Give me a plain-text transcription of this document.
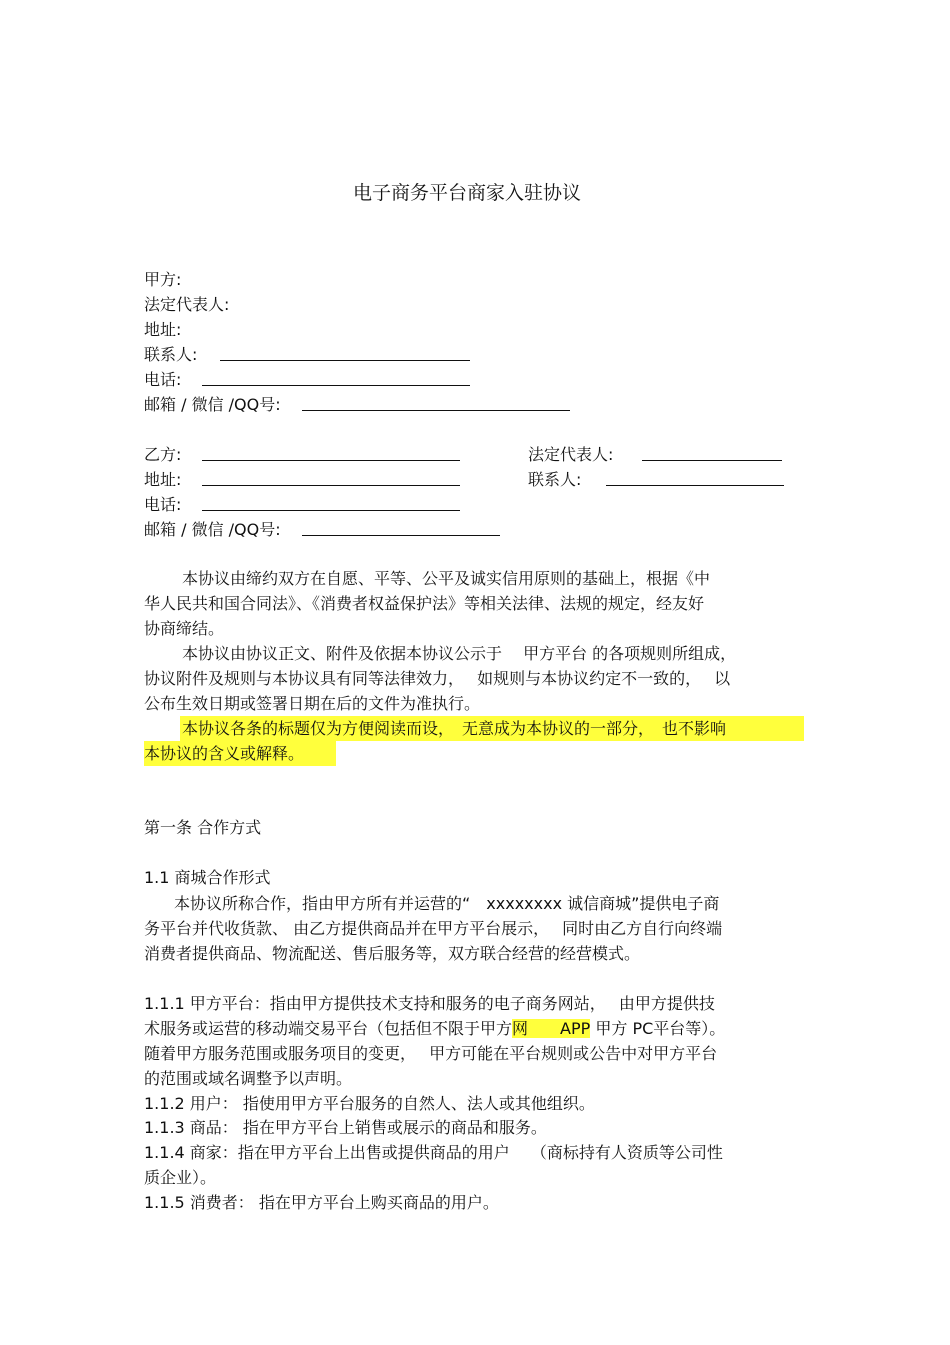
电子商务平台商家入驻协议
甲方:
法定代表人:
地址:
联系人:
电话:
邮箱 / 微信 /QQ号:
乙方:	法定代表人:
地址:	联系人:
电话:
邮箱 / 微信 /QQ号:
本协议由缔约双方在自愿、平等、公平及诚实信用原则的基础上，根据《中
华人民共和国合同法》、《消费者权益保护法》等相关法律、法规的规定，经友好
协商缔结。
本协议由协议正文、附件及依据本协议公示于　 甲方平台 的各项规则所组成，
协议附件及规则与本协议具有同等法律效力，　 如规则与本协议约定不一致的，　 以
公布生效日期或签署日期在后的文件为准执行。
本协议各条的标题仅为方便阅读而设，　无意成为本协议的一部分，　也不影响
本协议的含义或解释。
第一条 合作方式
1.1 商城合作形式
本协议所称合作，指由甲方所有并运营的“　xxxxxxxx 诚信商城”提供电子商
务平台并代收货款、 由乙方提供商品并在甲方平台展示，　 同时由乙方自行向终端
消费者提供商品、物流配送、售后服务等，双方联合经营的经营模式。
1.1.1 甲方平台：指由甲方提供技术支持和服务的电子商务网站，　 由甲方提供技
术服务或运营的移动端交易平台（包括但不限于甲方网　　APP 甲方 PC平台等）。
随着甲方服务范围或服务项目的变更，　 甲方可能在平台规则或公告中对甲方平台
的范围或域名调整予以声明。
1.1.2 用户： 指使用甲方平台服务的自然人、法人或其他组织。
1.1.3 商品： 指在甲方平台上销售或展示的商品和服务。
1.1.4 商家：指在甲方平台上出售或提供商品的用户　 （商标持有人资质等公司性
质企业）。
1.1.5 消费者： 指在甲方平台上购买商品的用户。
